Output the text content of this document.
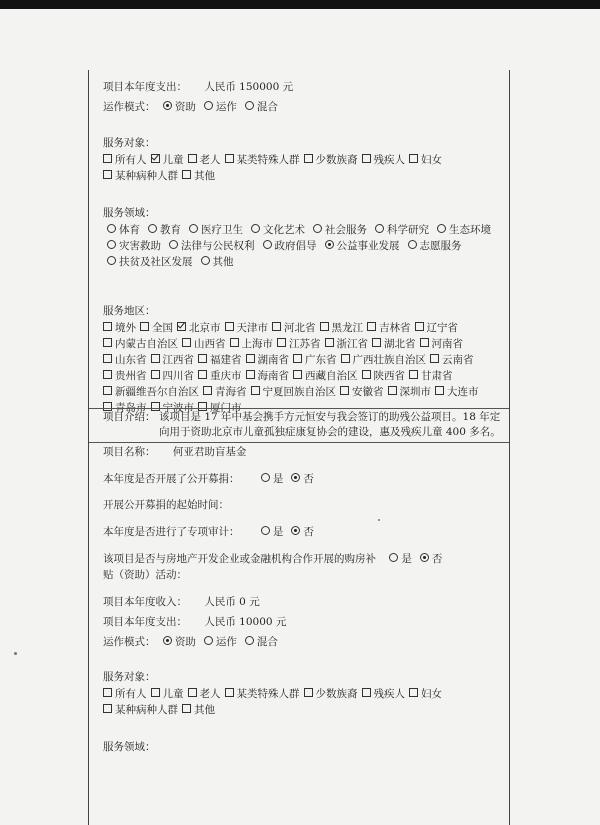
项目本年度支出： 人民币 150000 元
运作模式： 资助 运作 混合
服务对象：
所有人 儿童 老人 某类特殊人群 少数族裔 残疾人 妇女某种病种人群 其他
服务领域：
体育 教育 医疗卫生 文化艺术 社会服务 科学研究 生态环境灾害救助 法律与公民权利 政府倡导 公益事业发展 志愿服务扶贫及社区发展 其他
服务地区：
境外 全国 北京市 天津市 河北省 黑龙江 吉林省 辽宁省内蒙古自治区 山西省 上海市 江苏省 浙江省 湖北省 河南省山东省 江西省 福建省 湖南省 广东省 广西壮族自治区 云南省贵州省 四川省 重庆市 海南省 西藏自治区 陕西省 甘肃省新疆维吾尔自治区 青海省 宁夏回族自治区 安徽省 深圳市 大连市青岛市 宁波市 厦门市
项目介绍： 该项目是 17 年中基会携手方元恒安与我会签订的助残公益项目。18 年定向用于资助北京市儿童孤独症康复协会的建设，惠及残疾儿童 400 多名。
项目名称： 何亚君助盲基金
本年度是否开展了公开募捐：	是 否
开展公开募捐的起始时间：
本年度是否进行了专项审计：	是 否
该项目是否与房地产开发企业或金融机构合作开展的购房补 是 否
贴（资助）活动：
项目本年度收入： 人民币 0 元
项目本年度支出： 人民币 10000 元
运作模式： 资助 运作 混合
服务对象：
所有人 儿童 老人 某类特殊人群 少数族裔 残疾人 妇女某种病种人群 其他
服务领域：
